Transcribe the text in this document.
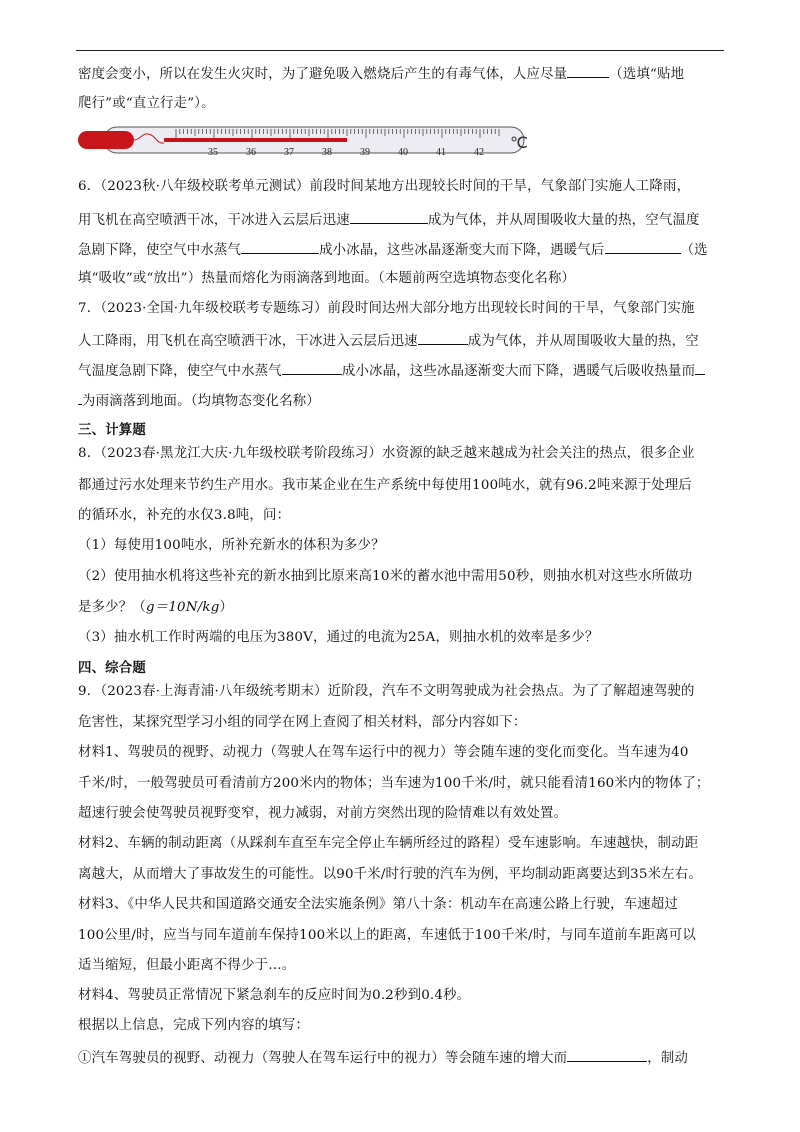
密度会变小，所以在发生火灾时，为了避免吸入燃烧后产生的有毒气体，人应尽量	（选填“贴地
爬行”或“直立行走”）。
35	36	37	38	39	40	41	42
℃
6．（2023秋·八年级校联考单元测试）前段时间某地方出现较长时间的干旱，气象部门实施人工降雨，
用飞机在高空喷洒干冰，干冰进入云层后迅速	成为气体，并从周围吸收大量的热，空气温度
急剧下降，使空气中水蒸气	成小冰晶，这些冰晶逐渐变大而下降，遇暖气后	（选
填“吸收”或“放出”）热量而熔化为雨滴落到地面。（本题前两空选填物态变化名称）
7．（2023·全国·九年级校联考专题练习）前段时间达州大部分地方出现较长时间的干旱，气象部门实施
人工降雨，用飞机在高空喷洒干冰，干冰进入云层后迅速	成为气体，并从周围吸收大量的热，空
气温度急剧下降，使空气中水蒸气	成小冰晶，这些冰晶逐渐变大而下降，遇暖气后吸收热量而
为雨滴落到地面。（均填物态变化名称）
三、计算题
8．（2023春·黑龙江大庆·九年级校联考阶段练习）水资源的缺乏越来越成为社会关注的热点，很多企业
都通过污水处理来节约生产用水。我市某企业在生产系统中每使用100吨水，就有96.2吨来源于处理后
的循环水，补充的水仅3.8吨，问：
（1）每使用100吨水，所补充新水的体积为多少？
（2）使用抽水机将这些补充的新水抽到比原来高10米的蓄水池中需用50秒，则抽水机对这些水所做功
是多少？（g＝10N/kg）
（3）抽水机工作时两端的电压为380V，通过的电流为25A，则抽水机的效率是多少？
四、综合题
9．（2023春·上海青浦·八年级统考期末）近阶段，汽车不文明驾驶成为社会热点。为了了解超速驾驶的
危害性，某探究型学习小组的同学在网上查阅了相关材料，部分内容如下：
材料1、驾驶员的视野、动视力（驾驶人在驾车运行中的视力）等会随车速的变化而变化。当车速为40
千米/时，一般驾驶员可看清前方200米内的物体；当车速为100千米/时，就只能看清160米内的物体了；
超速行驶会使驾驶员视野变窄，视力减弱，对前方突然出现的险情难以有效处置。
材料2、车辆的制动距离（从踩刹车直至车完全停止车辆所经过的路程）受车速影响。车速越快，制动距
离越大，从而增大了事故发生的可能性。以90千米/时行驶的汽车为例，平均制动距离要达到35米左右。
材料3、《中华人民共和国道路交通安全法实施条例》第八十条：机动车在高速公路上行驶，车速超过
100公里/时，应当与同车道前车保持100米以上的距离，车速低于100千米/时，与同车道前车距离可以
适当缩短，但最小距离不得少于…。
材料4、驾驶员正常情况下紧急刹车的反应时间为0.2秒到0.4秒。
根据以上信息，完成下列内容的填写：
①汽车驾驶员的视野、动视力（驾驶人在驾车运行中的视力）等会随车速的增大而	，制动
